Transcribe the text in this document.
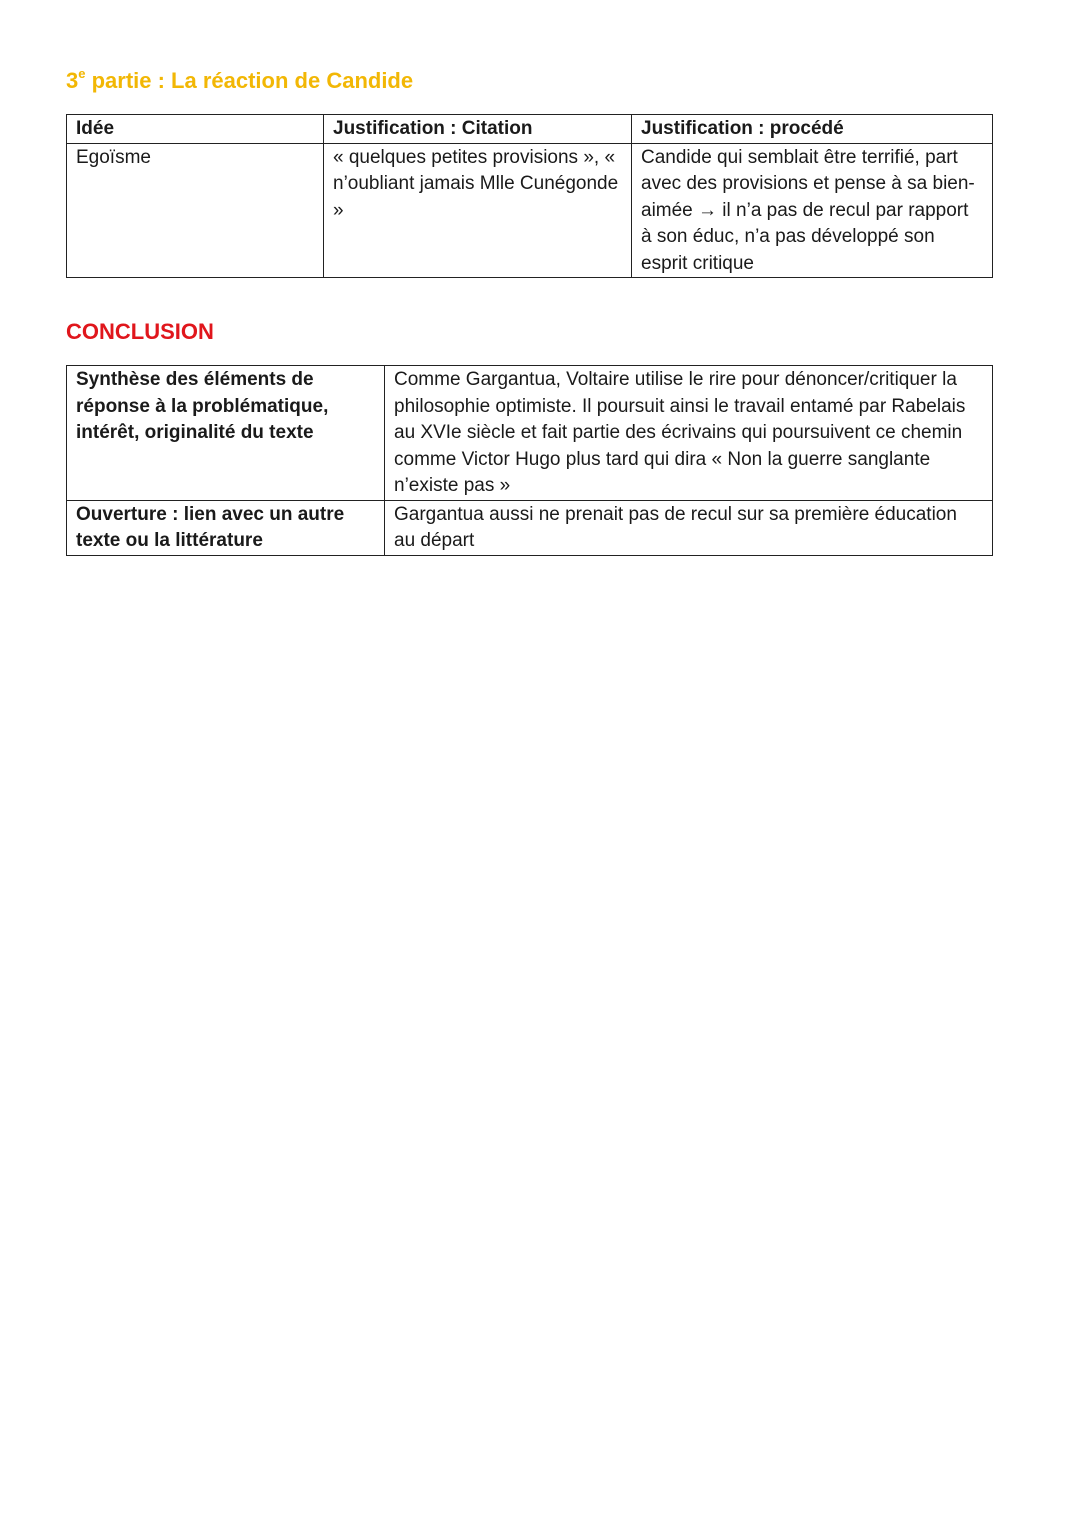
3e partie : La réaction de Candide
Idée	Justification : Citation	Justification : procédé
Egoïsme	« quelques petites provisions », « n’oubliant jamais Mlle Cunégonde »	Candide qui semblait être terrifié, part avec des provisions et pense à sa bien-aimée → il n’a pas de recul par rapport à son éduc, n’a pas développé son esprit critique
CONCLUSION
Synthèse des éléments de réponse à la problématique, intérêt, originalité du texte	Comme Gargantua, Voltaire utilise le rire pour dénoncer/critiquer la philosophie optimiste. Il poursuit ainsi le travail entamé par Rabelais au XVIe siècle et fait partie des écrivains qui poursuivent ce chemin comme Victor Hugo plus tard qui dira « Non la guerre sanglante n’existe pas »
Ouverture : lien avec un autre texte ou la littérature	Gargantua aussi ne prenait pas de recul sur sa première éducation au départ
